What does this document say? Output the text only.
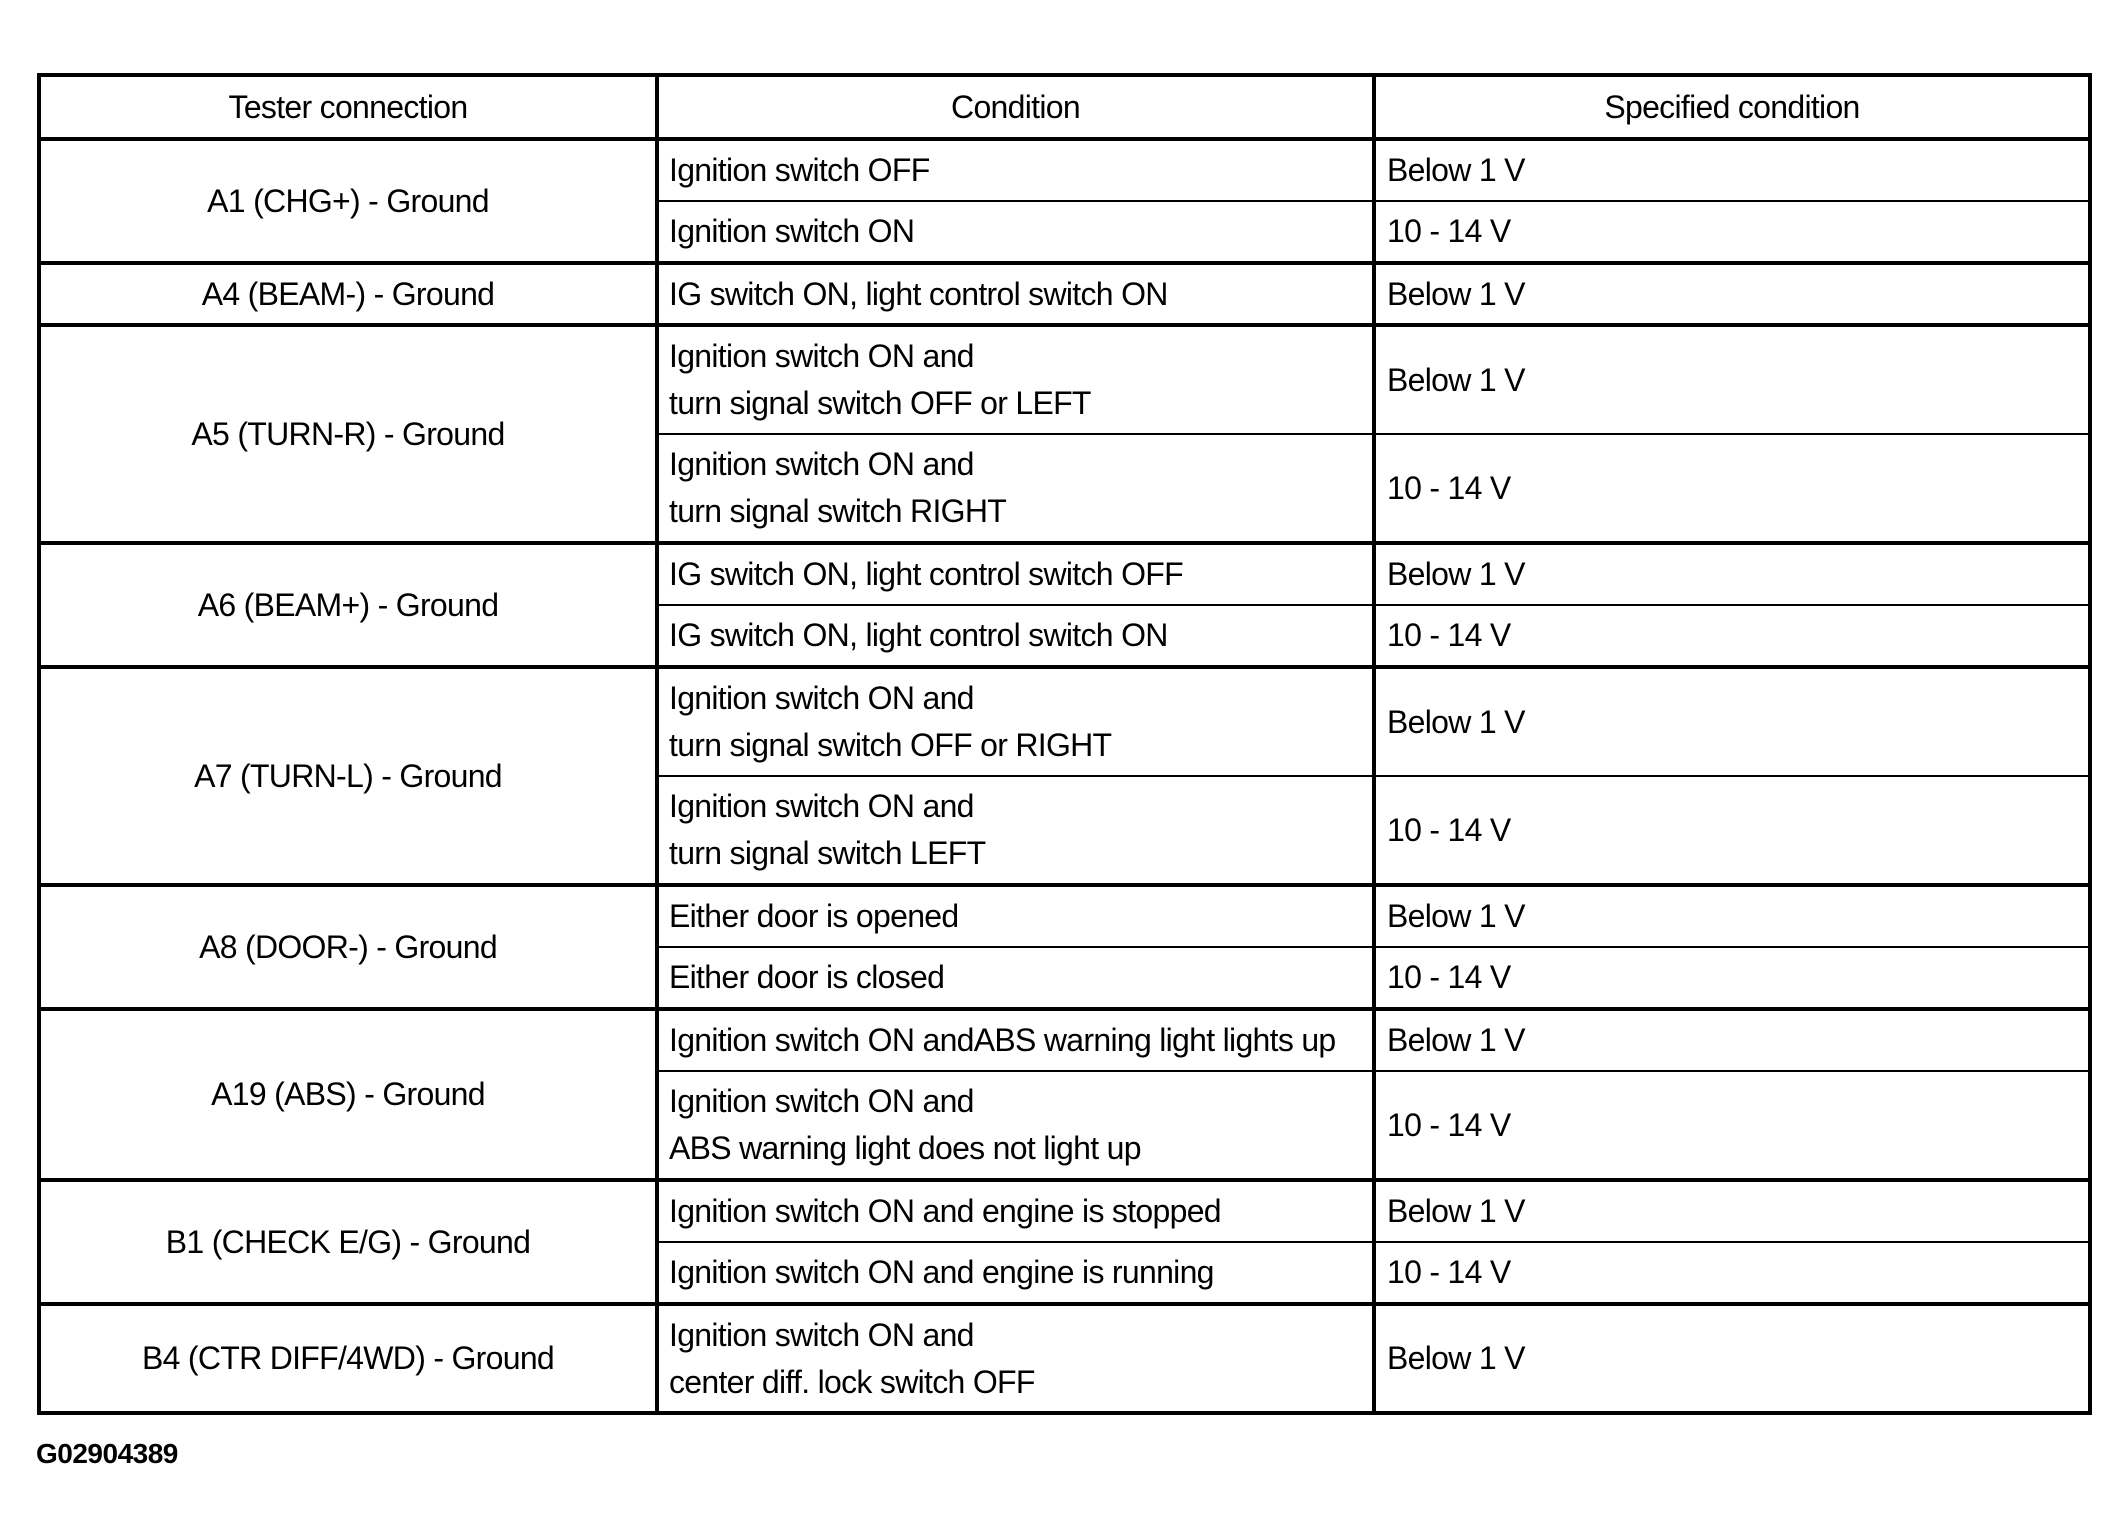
Tester connection	Condition	Specified condition
A1 (CHG+) - Ground	Ignition switch OFF	Below 1 V

	Ignition switch ON	10 - 14 V
A4 (BEAM-) - Ground	IG switch ON, light control switch ON	Below 1 V
A5 (TURN-R) - Ground	Ignition switch ON and
turn signal switch OFF or LEFT	Below 1 V

	Ignition switch ON and
turn signal switch RIGHT	10 - 14 V
A6 (BEAM+) - Ground	IG switch ON, light control switch OFF	Below 1 V

	IG switch ON, light control switch ON	10 - 14 V
A7 (TURN-L) - Ground	Ignition switch ON and
turn signal switch OFF or RIGHT	Below 1 V

	Ignition switch ON and
turn signal switch LEFT	10 - 14 V
A8 (DOOR-) - Ground	Either door is opened	Below 1 V

	Either door is closed	10 - 14 V
A19 (ABS) - Ground	Ignition switch ON andABS warning light lights up	Below 1 V

	Ignition switch ON and
ABS warning light does not light up	10 - 14 V
B1 (CHECK E/G) - Ground	Ignition switch ON and engine is stopped	Below 1 V

	Ignition switch ON and engine is running	10 - 14 V
B4 (CTR DIFF/4WD) - Ground	Ignition switch ON and
center diff. lock switch OFF	Below 1 V
G02904389
